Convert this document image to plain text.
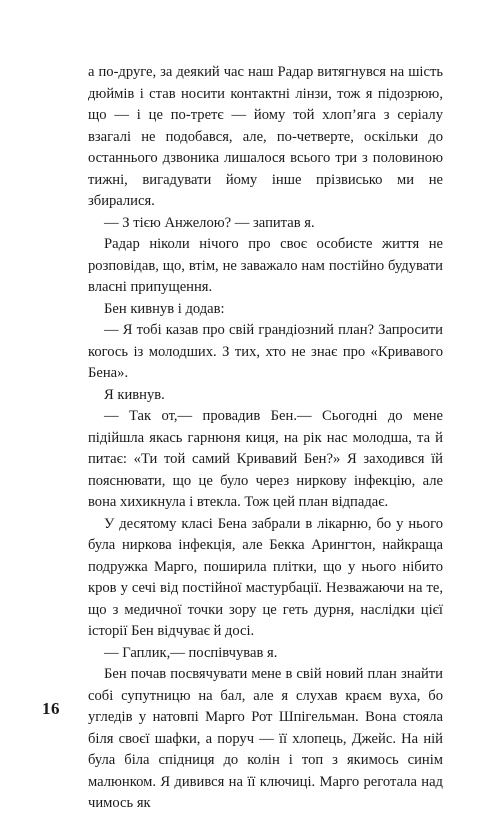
а по-друге, за деякий час наш Радар витягнувся на шість дюймів і став носити контактні лінзи, тож я підозрюю, що — і це по-третє — йому той хлоп’яга з серіалу взагалі не подобався, але, по-четверте, оскільки до останнього дзвоника лишалося всього три з половиною тижні, вигадувати йому інше прізвисько ми не збиралися.

— З тією Анжелою? — запитав я.

Радар ніколи нічого про своє особисте життя не розповідав, що, втім, не заважало нам постійно будувати власні припущення.

Бен кивнув і додав:

— Я тобі казав про свій грандіозний план? Запросити когось із молодших. З тих, хто не знає про «Кривавого Бена».

Я кивнув.

— Так от,— провадив Бен.— Сьогодні до мене підійшла якась гарнюня киця, на рік нас молодша, та й питає: «Ти той самий Кривавий Бен?» Я заходився їй пояснювати, що це було через ниркову інфекцію, але вона хихикнула і втекла. Тож цей план відпадає.

У десятому класі Бена забрали в лікарню, бо у нього була ниркова інфекція, але Бекка Арингтон, найкраща подружка Марго, поширила плітки, що у нього нібито кров у сечі від постійної мастурбації. Незважаючи на те, що з медичної точки зору це геть дурня, наслідки цієї історії Бен відчуває й досі.

— Гаплик,— поспівчував я.

Бен почав посвячувати мене в свій новий план знайти собі супутницю на бал, але я слухав краєм вуха, бо угледів у натовпі Марго Рот Шпігельман. Вона стояла біля своєї шафки, а поруч — її хлопець, Джейс. На ній була біла спідниця до колін і топ з якимось синім малюнком. Я дивився на її ключиці. Марго реготала над чимось як

16
